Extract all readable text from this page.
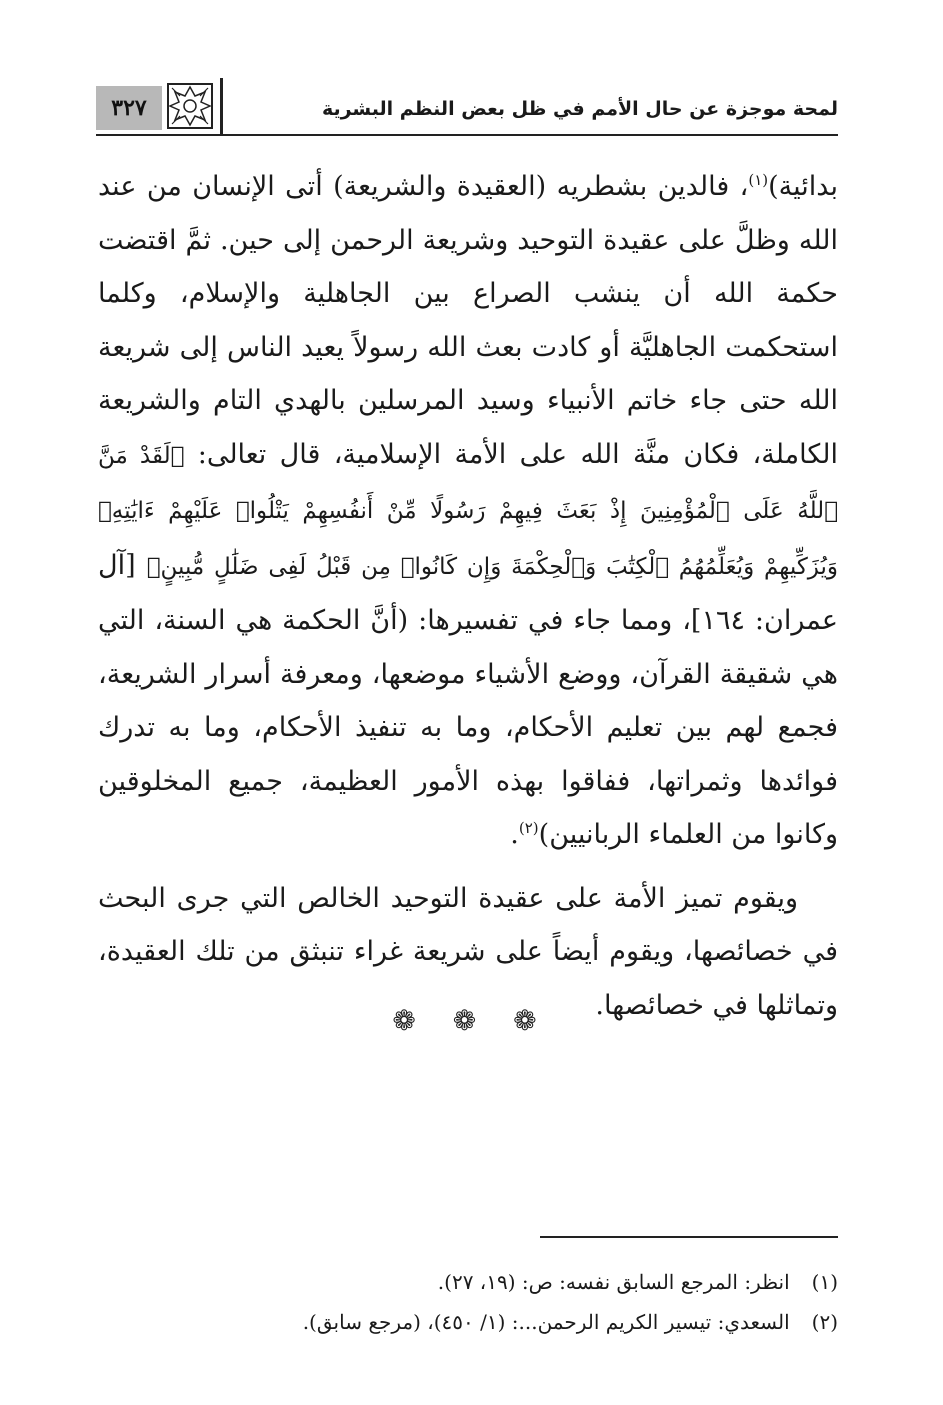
٣٢٧	لمحة موجزة عن حال الأمم في ظل بعض النظم البشرية

بدائية)$^{(١)}$، فالدين بشطريه (العقيدة والشريعة) أتى الإنسان من عند الله وظلَّ على عقيدة التوحيد وشريعة الرحمن إلى حين. ثمَّ اقتضت حكمة الله أن ينشب الصراع بين الجاهلية والإسلام، وكلما استحكمت الجاهليَّة أو كادت بعث الله رسولاً يعيد الناس إلى شريعة الله حتى جاء خاتم الأنبياء وسيد المرسلين بالهدي التام والشريعة الكاملة، فكان منَّة الله على الأمة الإسلامية، قال تعالى: ﴿لَقَدْ مَنَّ ٱللَّهُ عَلَى ٱلْمُؤْمِنِينَ إِذْ بَعَثَ فِيهِمْ رَسُولًا مِّنْ أَنفُسِهِمْ يَتْلُوا۟ عَلَيْهِمْ ءَايَٰتِهِۦ وَيُزَكِّيهِمْ وَيُعَلِّمُهُمُ ٱلْكِتَٰبَ وَٱلْحِكْمَةَ وَإِن كَانُوا۟ مِن قَبْلُ لَفِى ضَلَٰلٍ مُّبِينٍ﴾ [آل عمران: ١٦٤]، ومما جاء في تفسيرها: (أنَّ الحكمة هي السنة، التي هي شقيقة القرآن، ووضع الأشياء موضعها، ومعرفة أسرار الشريعة، فجمع لهم بين تعليم الأحكام، وما به تنفيذ الأحكام، وما به تدرك فوائدها وثمراتها، ففاقوا بهذه الأمور العظيمة، جميع المخلوقين وكانوا من العلماء الربانيين)$^{(٢)}$.

ويقوم تميز الأمة على عقيدة التوحيد الخالص التي جرى البحث في خصائصها، ويقوم أيضاً على شريعة غراء تنبثق من تلك العقيدة، وتماثلها في خصائصها.

❁ ❁ ❁
(١)
انظر: المرجع السابق نفسه: ص: (١٩، ٢٧).
(٢)
السعدي: تيسير الكريم الرحمن...: (١/ ٤٥٠)، (مرجع سابق).
